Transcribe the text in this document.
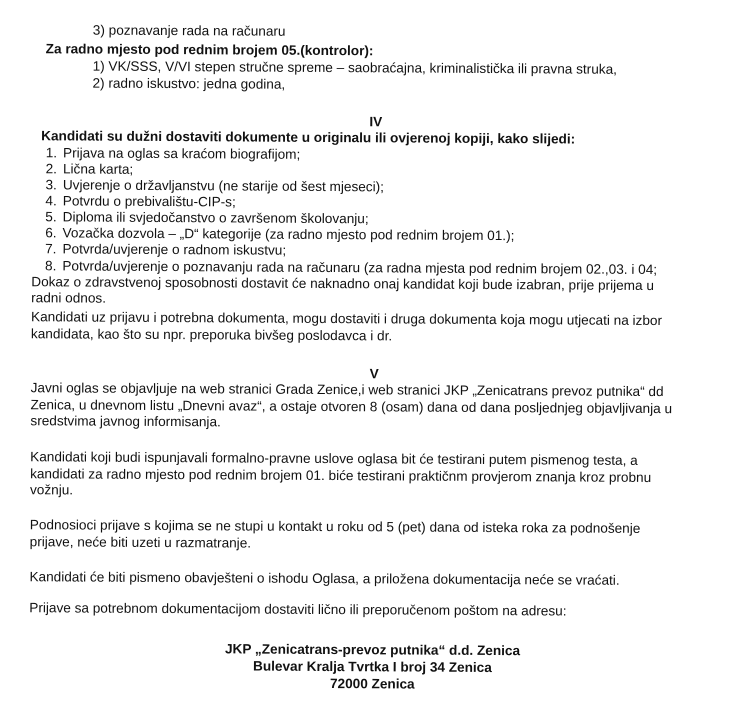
3) poznavanje rada na računaru
Za radno mjesto pod rednim brojem 05.(kontrolor):
1) VK/SSS, V/VI stepen stručne spreme – saobraćajna, kriminalistička ili pravna struka,
2) radno iskustvo: jedna godina,
IV
Kandidati su dužni dostaviti dokumente u originalu ili ovjerenoj kopiji, kako slijedi:
1. Prijava na oglas sa kraćom biografijom;
2. Lična karta;
3. Uvjerenje o državljanstvu (ne starije od šest mjeseci);
4. Potvrdu o prebivalištu-CIP-s;
5. Diploma ili svjedočanstvo o završenom školovanju;
6. Vozačka dozvola – „D“ kategorije (za radno mjesto pod rednim brojem 01.);
7. Potvrda/uvjerenje o radnom iskustvu;
8. Potvrda/uvjerenje o poznavanju rada na računaru (za radna mjesta pod rednim brojem 02.,03. i 04;
Dokaz o zdravstvenoj sposobnosti dostavit će naknadno onaj kandidat koji bude izabran, prije prijema u
radni odnos.
Kandidati uz prijavu i potrebna dokumenta, mogu dostaviti i druga dokumenta koja mogu utjecati na izbor
kandidata, kao što su npr. preporuka bivšeg poslodavca i dr.
V
Javni oglas se objavljuje na web stranici Grada Zenice,i web stranici JKP „Zenicatrans prevoz putnika“ dd
Zenica, u dnevnom listu „Dnevni avaz“, a ostaje otvoren 8 (osam) dana od dana posljednjeg objavljivanja u
sredstvima javnog informisanja.
Kandidati koji budi ispunjavali formalno-pravne uslove oglasa bit će testirani putem pismenog testa, a
kandidati za radno mjesto pod rednim brojem 01. biće testirani praktičnm provjerom znanja kroz probnu
vožnju.
Podnosioci prijave s kojima se ne stupi u kontakt u roku od 5 (pet) dana od isteka roka za podnošenje
prijave, neće biti uzeti u razmatranje.
Kandidati će biti pismeno obavješteni o ishodu Oglasa, a priložena dokumentacija neće se vraćati.
Prijave sa potrebnom dokumentacijom dostaviti lično ili preporučenom poštom na adresu:
JKP „Zenicatrans-prevoz putnika“ d.d. Zenica
Bulevar Kralja Tvrtka I broj 34 Zenica
72000 Zenica
